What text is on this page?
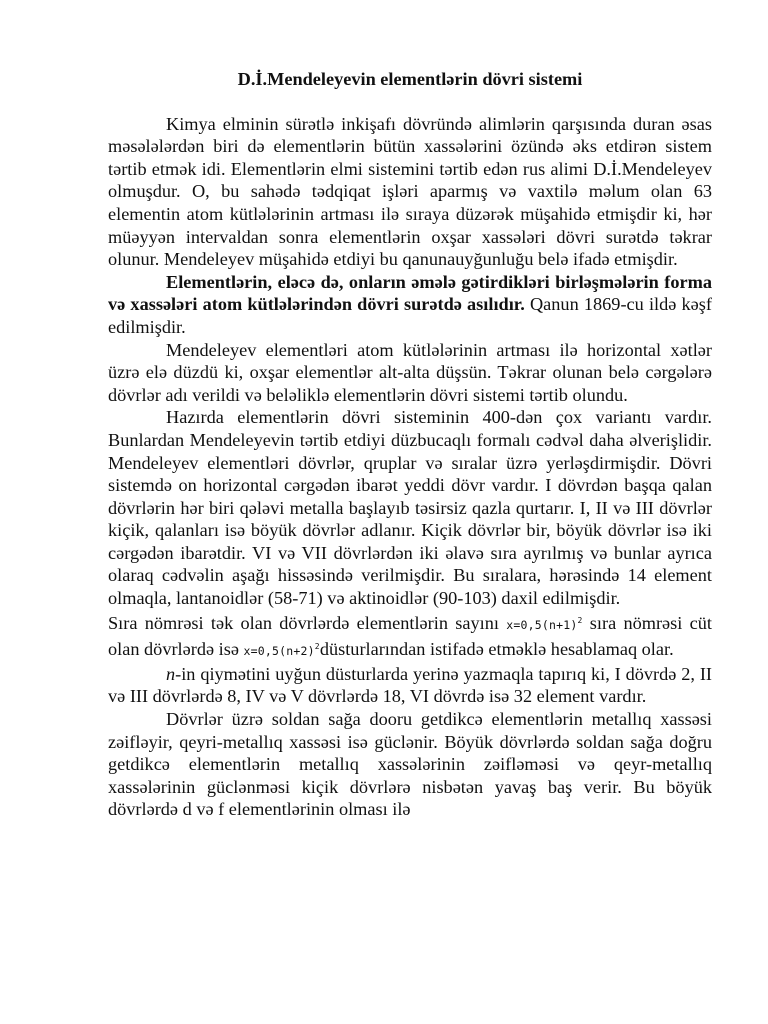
D.İ.Mendeleyevin elementlərin dövri sistemi

Kimya elminin sürətlə inkişafı dövründə alimlərin qarşısında duran əsas məsələlərdən biri də elementlərin bütün xassələrini özündə əks etdirən sistem tərtib etmək idi. Elementlərin elmi sistemini tərtib edən rus alimi D.İ.Mendeleyev olmuşdur. O, bu sahədə tədqiqat işləri aparmış və vaxtilə məlum olan 63 elementin atom kütlələrinin artması ilə sıraya düzərək müşahidə etmişdir ki, hər müəyyən intervaldan sonra elementlərin oxşar xassələri dövri surətdə təkrar olunur. Mendeleyev müşahidə etdiyi bu qanunauyğunluğu belə ifadə etmişdir.

Elementlərin, eləcə də, onların əmələ gətirdikləri birləşmələrin forma və xassələri atom kütlələrindən dövri surətdə asılıdır. Qanun 1869-cu ildə kəşf edilmişdir.

Mendeleyev elementləri atom kütlələrinin artması ilə horizontal xətlər üzrə elə düzdü ki, oxşar elementlər alt-alta düşsün. Təkrar olunan belə cərgələrə dövrlər adı verildi və beləliklə elementlərin dövri sistemi tərtib olundu.

Hazırda elementlərin dövri sisteminin 400-dən çox variantı vardır. Bunlardan Mendeleyevin tərtib etdiyi düzbucaqlı formalı cədvəl daha əlverişlidir. Mendeleyev elementləri dövrlər, qruplar və sıralar üzrə yerləşdirmişdir. Dövri sistemdə on horizontal cərgədən ibarət yeddi dövr vardır. I dövrdən başqa qalan dövrlərin hər biri qələvi metalla başlayıb təsirsiz qazla qurtarır. I, II və III dövrlər kiçik, qalanları isə böyük dövrlər adlanır. Kiçik dövrlər bir, böyük dövrlər isə iki cərgədən ibarətdir. VI və VII dövrlərdən iki əlavə sıra ayrılmış və bunlar ayrıca olaraq cədvəlin aşağı hissəsində verilmişdir. Bu sıralara, hərəsində 14 element olmaqla, lantanoidlər (58-71) və aktinoidlər (90-103) daxil edilmişdir.

Sıra nömrəsi tək olan dövrlərdə elementlərin sayını $x=0,5(n+1)^2$ sıra nömrəsi cüt olan dövrlərdə isə $x=0,5(n+2)^2düsturlarından$ istifadə etməklə hesablamaq olar.

n-in qiymətini uyğun düsturlarda yerinə yazmaqla tapırıq ki, I dövrdə 2, II və III dövrlərdə 8, IV və V dövrlərdə 18, VI dövrdə isə 32 element vardır.

Dövrlər üzrə soldan sağa dooru getdikcə elementlərin metallıq xassəsi zəifləyir, qeyri-metallıq xassəsi isə güclənir. Böyük dövrlərdə soldan sağa doğru getdikcə elementlərin metallıq xassələrinin zəifləməsi və qeyr-metallıq xassələrinin güclənməsi kiçik dövrlərə nisbətən yavaş baş verir. Bu böyük dövrlərdə d və f elementlərinin olması ilə
